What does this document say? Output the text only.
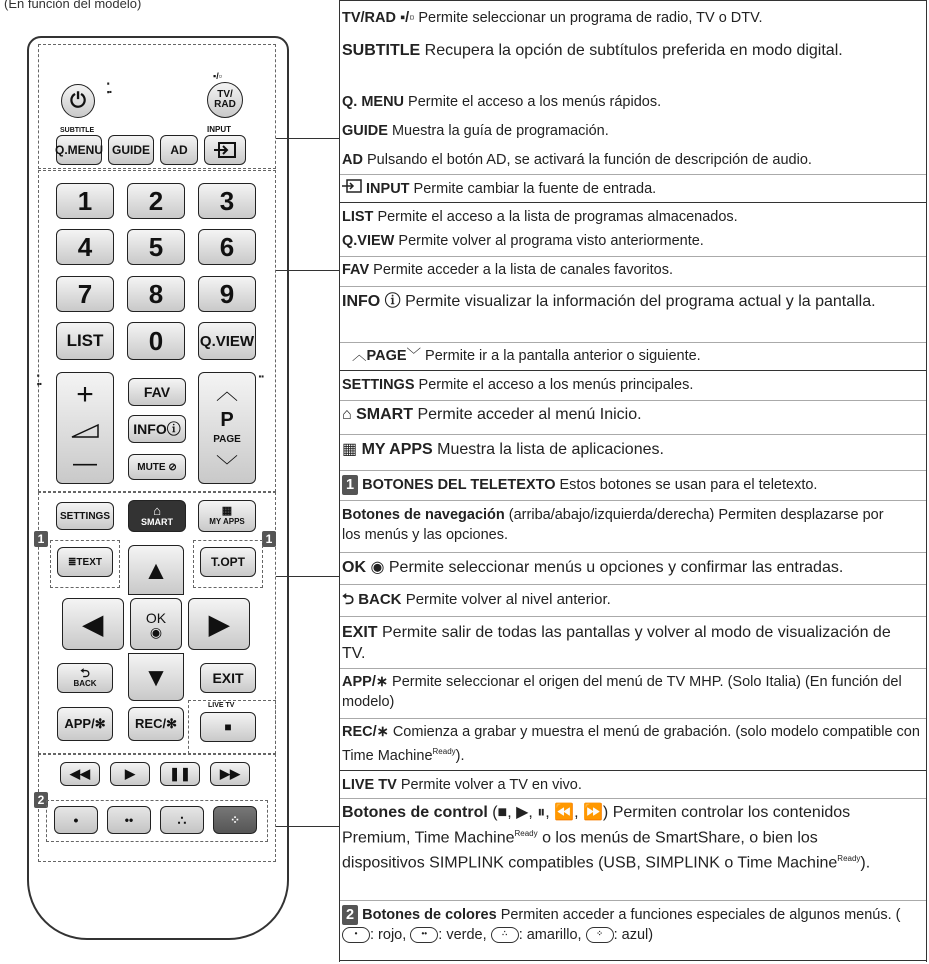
(En función del modelo)
⏻
⁚.
▪/▫
TV/ RAD
SUBTITLE	INPUT
Q.MENU GUIDE	AD
1	2	3
4	5	6
7	8	9
LIST	0	Q.VIEW
⁚.	··
+
—
FAV
INFOⓘ
MUTE ⊘
︿
P
PAGE
﹀
SETTINGS	⌂
SMART
▦
MY APPS
1	1
≣TEXT	T.OPT
▲
◀	OK
◉ ▶
▼
⮌
BACK	EXIT
APP/✻	REC/✻
LIVE TV
■
◀◀	▶	❚❚ ▶▶
2
•	••	∴	⁘
TV/RAD ▪/▫ Permite seleccionar un programa de radio, TV o DTV.
SUBTITLE Recupera la opción de subtítulos preferida en modo digital.
Q. MENU Permite el acceso a los menús rápidos.
GUIDE Muestra la guía de programación.
AD Pulsando el botón AD, se activará la función de descripción de audio.
INPUT Permite cambiar la fuente de entrada.
LIST Permite el acceso a la lista de programas almacenados.
Q.VIEW Permite volver al programa visto anteriormente.
FAV Permite acceder a la lista de canales favoritos.
INFO ⓘ Permite visualizar la información del programa actual y la pantalla.
︿PAGE﹀ Permite ir a la pantalla anterior o siguiente.
SETTINGS Permite el acceso a los menús principales.
⌂ SMART Permite acceder al menú Inicio.
▦ MY APPS Muestra la lista de aplicaciones.
1 BOTONES DEL TELETEXTO Estos botones se usan para el teletexto.
Botones de navegación (arriba/abajo/izquierda/derecha) Permiten desplazarse por los menús y las opciones.
OK ◉ Permite seleccionar menús u opciones y confirmar las entradas.
⮌ BACK Permite volver al nivel anterior.
EXIT Permite salir de todas las pantallas y volver al modo de visualización de TV.
APP/∗ Permite seleccionar el origen del menú de TV MHP. (Solo Italia) (En función del modelo)
REC/∗ Comienza a grabar y muestra el menú de grabación. (solo modelo compatible con Time Machine$^{Ready}$).
LIVE TV Permite volver a TV en vivo.
Botones de control (■, ▶, ⏸, ⏪, ⏩) Permiten controlar los contenidos Premium, Time Machine$^{Ready}$ o los menús de SmartShare, o bien los dispositivos SIMPLINK compatibles (USB, SIMPLINK o Time Machine$^{Ready}$).
2 Botones de colores Permiten acceder a funciones especiales de algunos menús. (• : rojo, •• : verde, ∴ : amarillo, ⁘ : azul)
